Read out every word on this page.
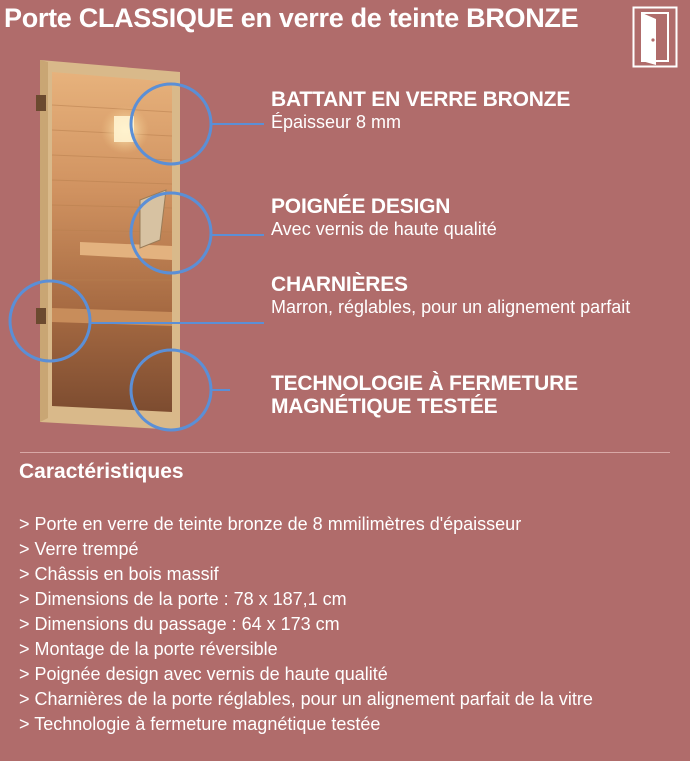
Porte CLASSIQUE en verre de teinte BRONZE
BATTANT EN VERRE BRONZE

Épaisseur 8 mm

POIGNÉE DESIGN

Avec vernis de haute qualité

CHARNIÈRES

Marron, réglables, pour un alignement parfait

TECHNOLOGIE À FERMETURE MAGNÉTIQUE TESTÉE
Caractéristiques
> Porte en verre de teinte bronze de 8 mmilimètres d'épaisseur
> Verre trempé
> Châssis en bois massif
> Dimensions de la porte : 78 x 187,1 cm
> Dimensions du passage : 64 x 173 cm
> Montage de la porte réversible
> Poignée design avec vernis de haute qualité
> Charnières de la porte réglables, pour un alignement parfait de la vitre
> Technologie à fermeture magnétique testée
